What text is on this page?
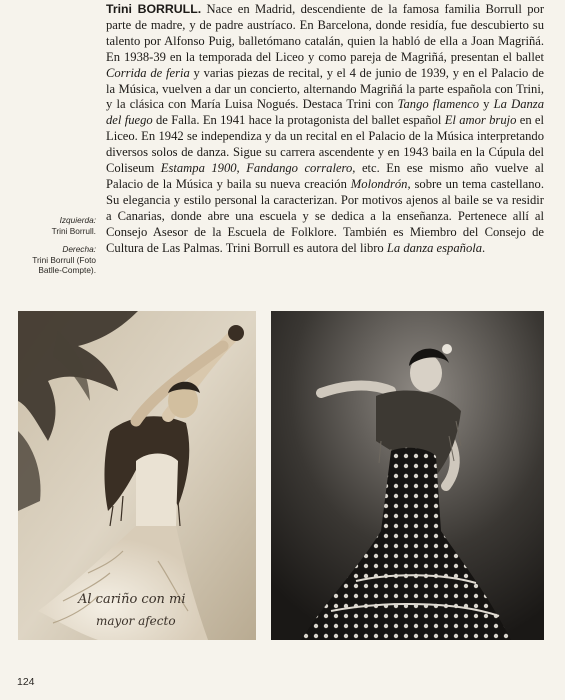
Izquierda:
Trini Borrull.
Derecha:
Trini Borrull (Foto Batlle-Compte).

Trini BORRULL. Nace en Madrid, descendiente de la famosa familia Borrull por parte de madre, y de padre austríaco. En Barcelona, donde residía, fue descubierto su talento por Alfonso Puig, balletómano catalán, quien la habló de ella a Joan Magriñá. En 1938-39 en la temporada del Liceo y como pareja de Magriñá, presentan el ballet Corrida de feria y varias piezas de recital, y el 4 de junio de 1939, y en el Palacio de la Música, vuelven a dar un concierto, alternando Magriñá la parte española con Trini, y la clásica con María Luisa Nogués. Destaca Trini con Tango flamenco y La Danza del fuego de Falla. En 1941 hace la protagonista del ballet español El amor brujo en el Liceo. En 1942 se independiza y da un recital en el Palacio de la Música interpretando diversos solos de danza. Sigue su carrera ascendente y en 1943 baila en la Cúpula del Coliseum Estampa 1900, Fandango corralero, etc. En ese mismo año vuelve al Palacio de la Música y baila su nueva creación Molondrón, sobre un tema castellano. Su elegancia y estilo personal la caracterizan. Por motivos ajenos al baile se va residir a Canarias, donde abre una escuela y se dedica a la enseñanza. Pertenece allí al Consejo Asesor de la Escuela de Folklore. También es Miembro del Consejo de Cultura de Las Palmas. Trini Borrull es autora del libro La danza española.

Al cariño con mi
mayor afecto
124
